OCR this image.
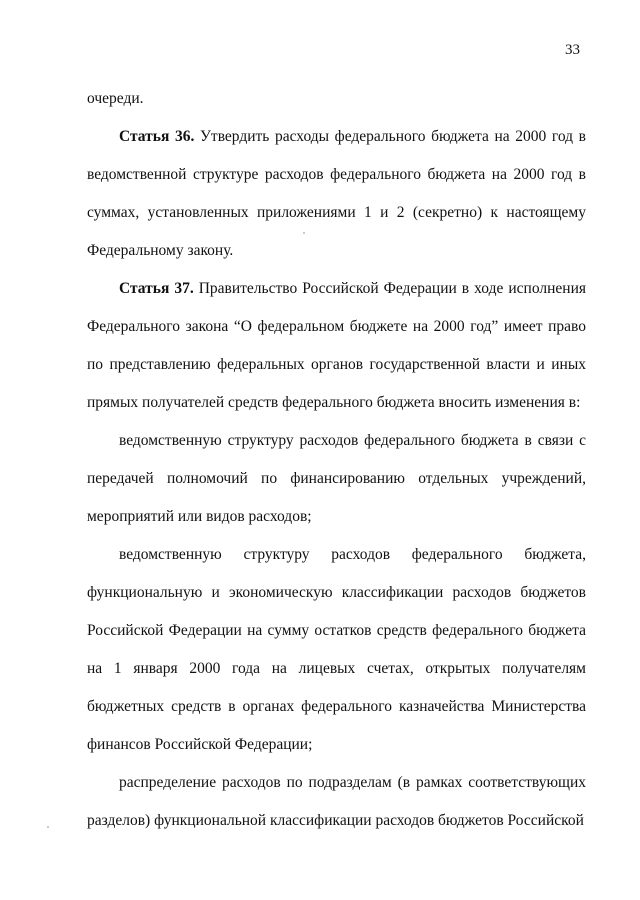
33

очереди.

Статья 36. Утвердить расходы федерального бюджета на 2000 год в ведомственной структуре расходов федерального бюджета на 2000 год в суммах, установленных приложениями 1 и 2 (секретно) к настоящему Федеральному закону.

Статья 37. Правительство Российской Федерации в ходе исполнения Федерального закона “О федеральном бюджете на 2000 год” имеет право по представлению федеральных органов государственной власти и иных прямых получателей средств федерального бюджета вносить изменения в:

ведомственную структуру расходов федерального бюджета в связи с передачей полномочий по финансированию отдельных учреждений, мероприятий или видов расходов;

ведомственную структуру расходов федерального бюджета, функциональную и экономическую классификации расходов бюджетов Российской Федерации на сумму остатков средств федерального бюджета на 1 января 2000 года на лицевых счетах, открытых получателям бюджетных средств в органах федерального казначейства Министерства финансов Российской Федерации;

распределение расходов по подразделам (в рамках соответствующих разделов) функциональной классификации расходов бюджетов Российской
